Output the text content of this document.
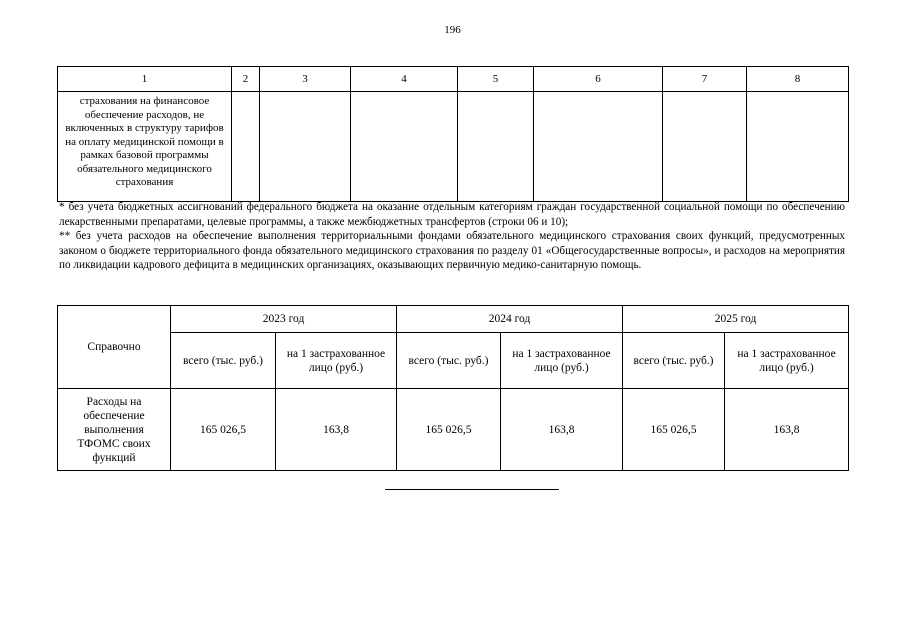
196
1	2	3	4	5	6	7	8
страхования на финансовое обеспечение расходов, не включенных в структуру тарифов на оплату медицинской помощи в рамках базовой программы обязательного медицинского страхования							

* без учета бюджетных ассигнований федерального бюджета на оказание отдельным категориям граждан государственной социальной помощи по обеспечению лекарственными препаратами, целевые программы, а также межбюджетных трансфертов (строки 06 и 10);

** без учета расходов на обеспечение выполнения территориальными фондами обязательного медицинского страхования своих функций, предусмотренных законом о бюджете территориального фонда обязательного медицинского страхования по разделу 01 «Общегосударственные вопросы», и расходов на мероприятия по ликвидации кадрового дефицита в медицинских организациях, оказывающих первичную медико-санитарную помощь.

Справочно	2023 год		2024 год		2025 год	
	всего (тыс. руб.)	на 1 застрахованное лицо (руб.)	всего (тыс. руб.)	на 1 застрахованное лицо (руб.)	всего (тыс. руб.)	на 1 застрахованное лицо (руб.)
Расходы на обеспечение выполнения ТФОМС своих функций	165 026,5	163,8	165 026,5	163,8	165 026,5	163,8
